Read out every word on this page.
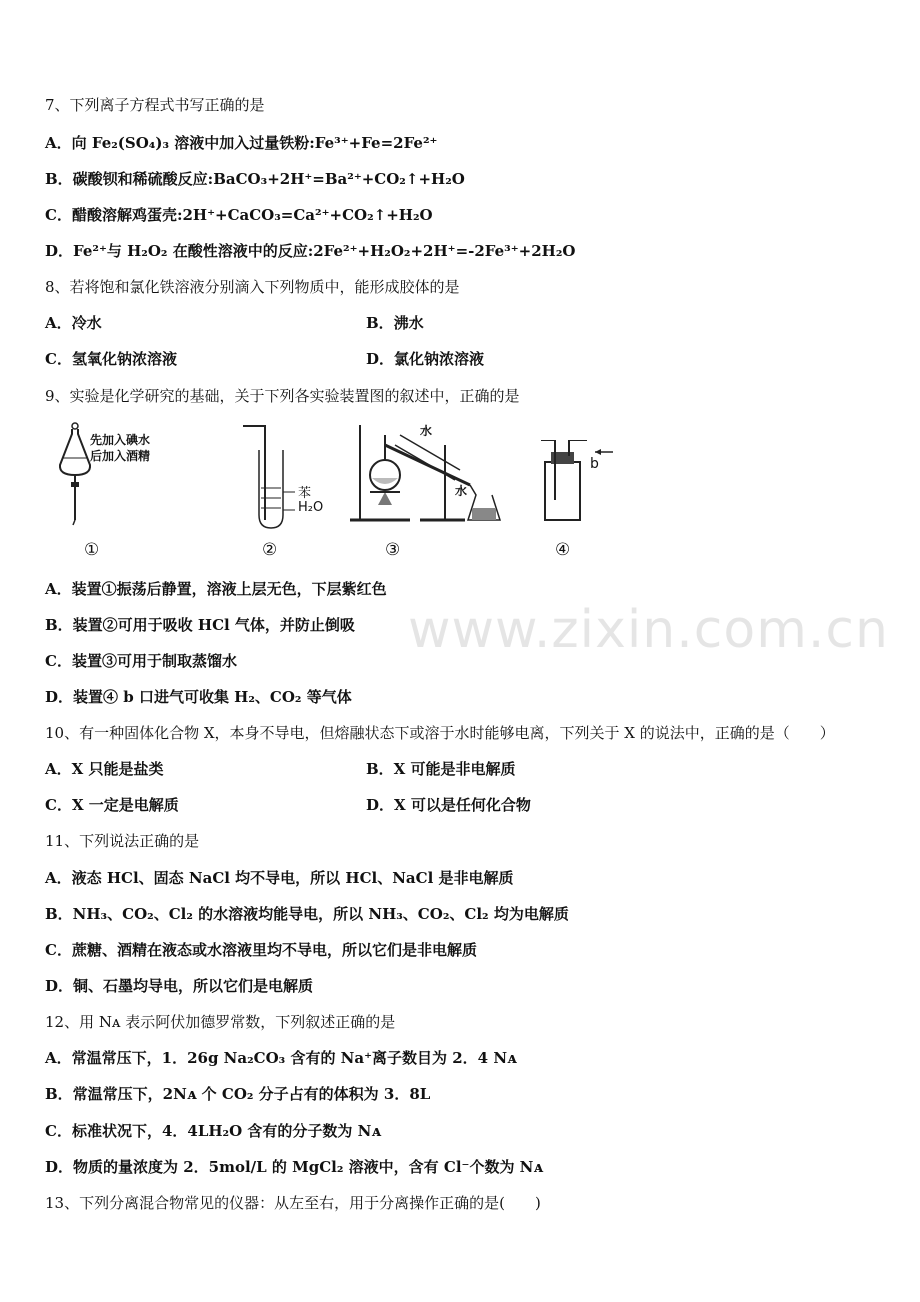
www.zixin.com.cn
7、下列离子方程式书写正确的是
A．向 Fe₂(SO₄)₃ 溶液中加入过量铁粉:Fe³⁺+Fe=2Fe²⁺
B．碳酸钡和稀硫酸反应:BaCO₃+2H⁺=Ba²⁺+CO₂↑+H₂O
C．醋酸溶解鸡蛋壳:2H⁺+CaCO₃=Ca²⁺+CO₂↑+H₂O
D．Fe²⁺与 H₂O₂ 在酸性溶液中的反应:2Fe²⁺+H₂O₂+2H⁺=-2Fe³⁺+2H₂O
8、若将饱和氯化铁溶液分别滴入下列物质中，能形成胶体的是
A．冷水	B．沸水
C．氢氧化钠浓溶液	D．氯化钠浓溶液
9、实验是化学研究的基础，关于下列各实验装置图的叙述中，正确的是
先加入碘水
后加入酒精
苯
H₂O
水
水
b
①	②	③	④
A．装置①振荡后静置，溶液上层无色，下层紫红色
B．装置②可用于吸收 HCl 气体，并防止倒吸
C．装置③可用于制取蒸馏水
D．装置④ b 口进气可收集 H₂、CO₂ 等气体
10、有一种固体化合物 X，本身不导电，但熔融状态下或溶于水时能够电离，下列关于 X 的说法中，正确的是（　　）
A．X 只能是盐类	B．X 可能是非电解质
C．X 一定是电解质	D．X 可以是任何化合物
11、下列说法正确的是
A．液态 HCl、固态 NaCl 均不导电，所以 HCl、NaCl 是非电解质
B．NH₃、CO₂、Cl₂ 的水溶液均能导电，所以 NH₃、CO₂、Cl₂ 均为电解质
C．蔗糖、酒精在液态或水溶液里均不导电，所以它们是非电解质
D．铜、石墨均导电，所以它们是电解质
12、用 Nᴀ 表示阿伏加德罗常数，下列叙述正确的是
A．常温常压下，1．26g Na₂CO₃ 含有的 Na⁺离子数目为 2．4 Nᴀ
B．常温常压下，2Nᴀ 个 CO₂ 分子占有的体积为 3．8L
C．标准状况下，4．4LH₂O 含有的分子数为 Nᴀ
D．物质的量浓度为 2．5mol/L 的 MgCl₂ 溶液中，含有 Cl⁻个数为 Nᴀ
13、下列分离混合物常见的仪器：从左至右，用于分离操作正确的是(　　)
